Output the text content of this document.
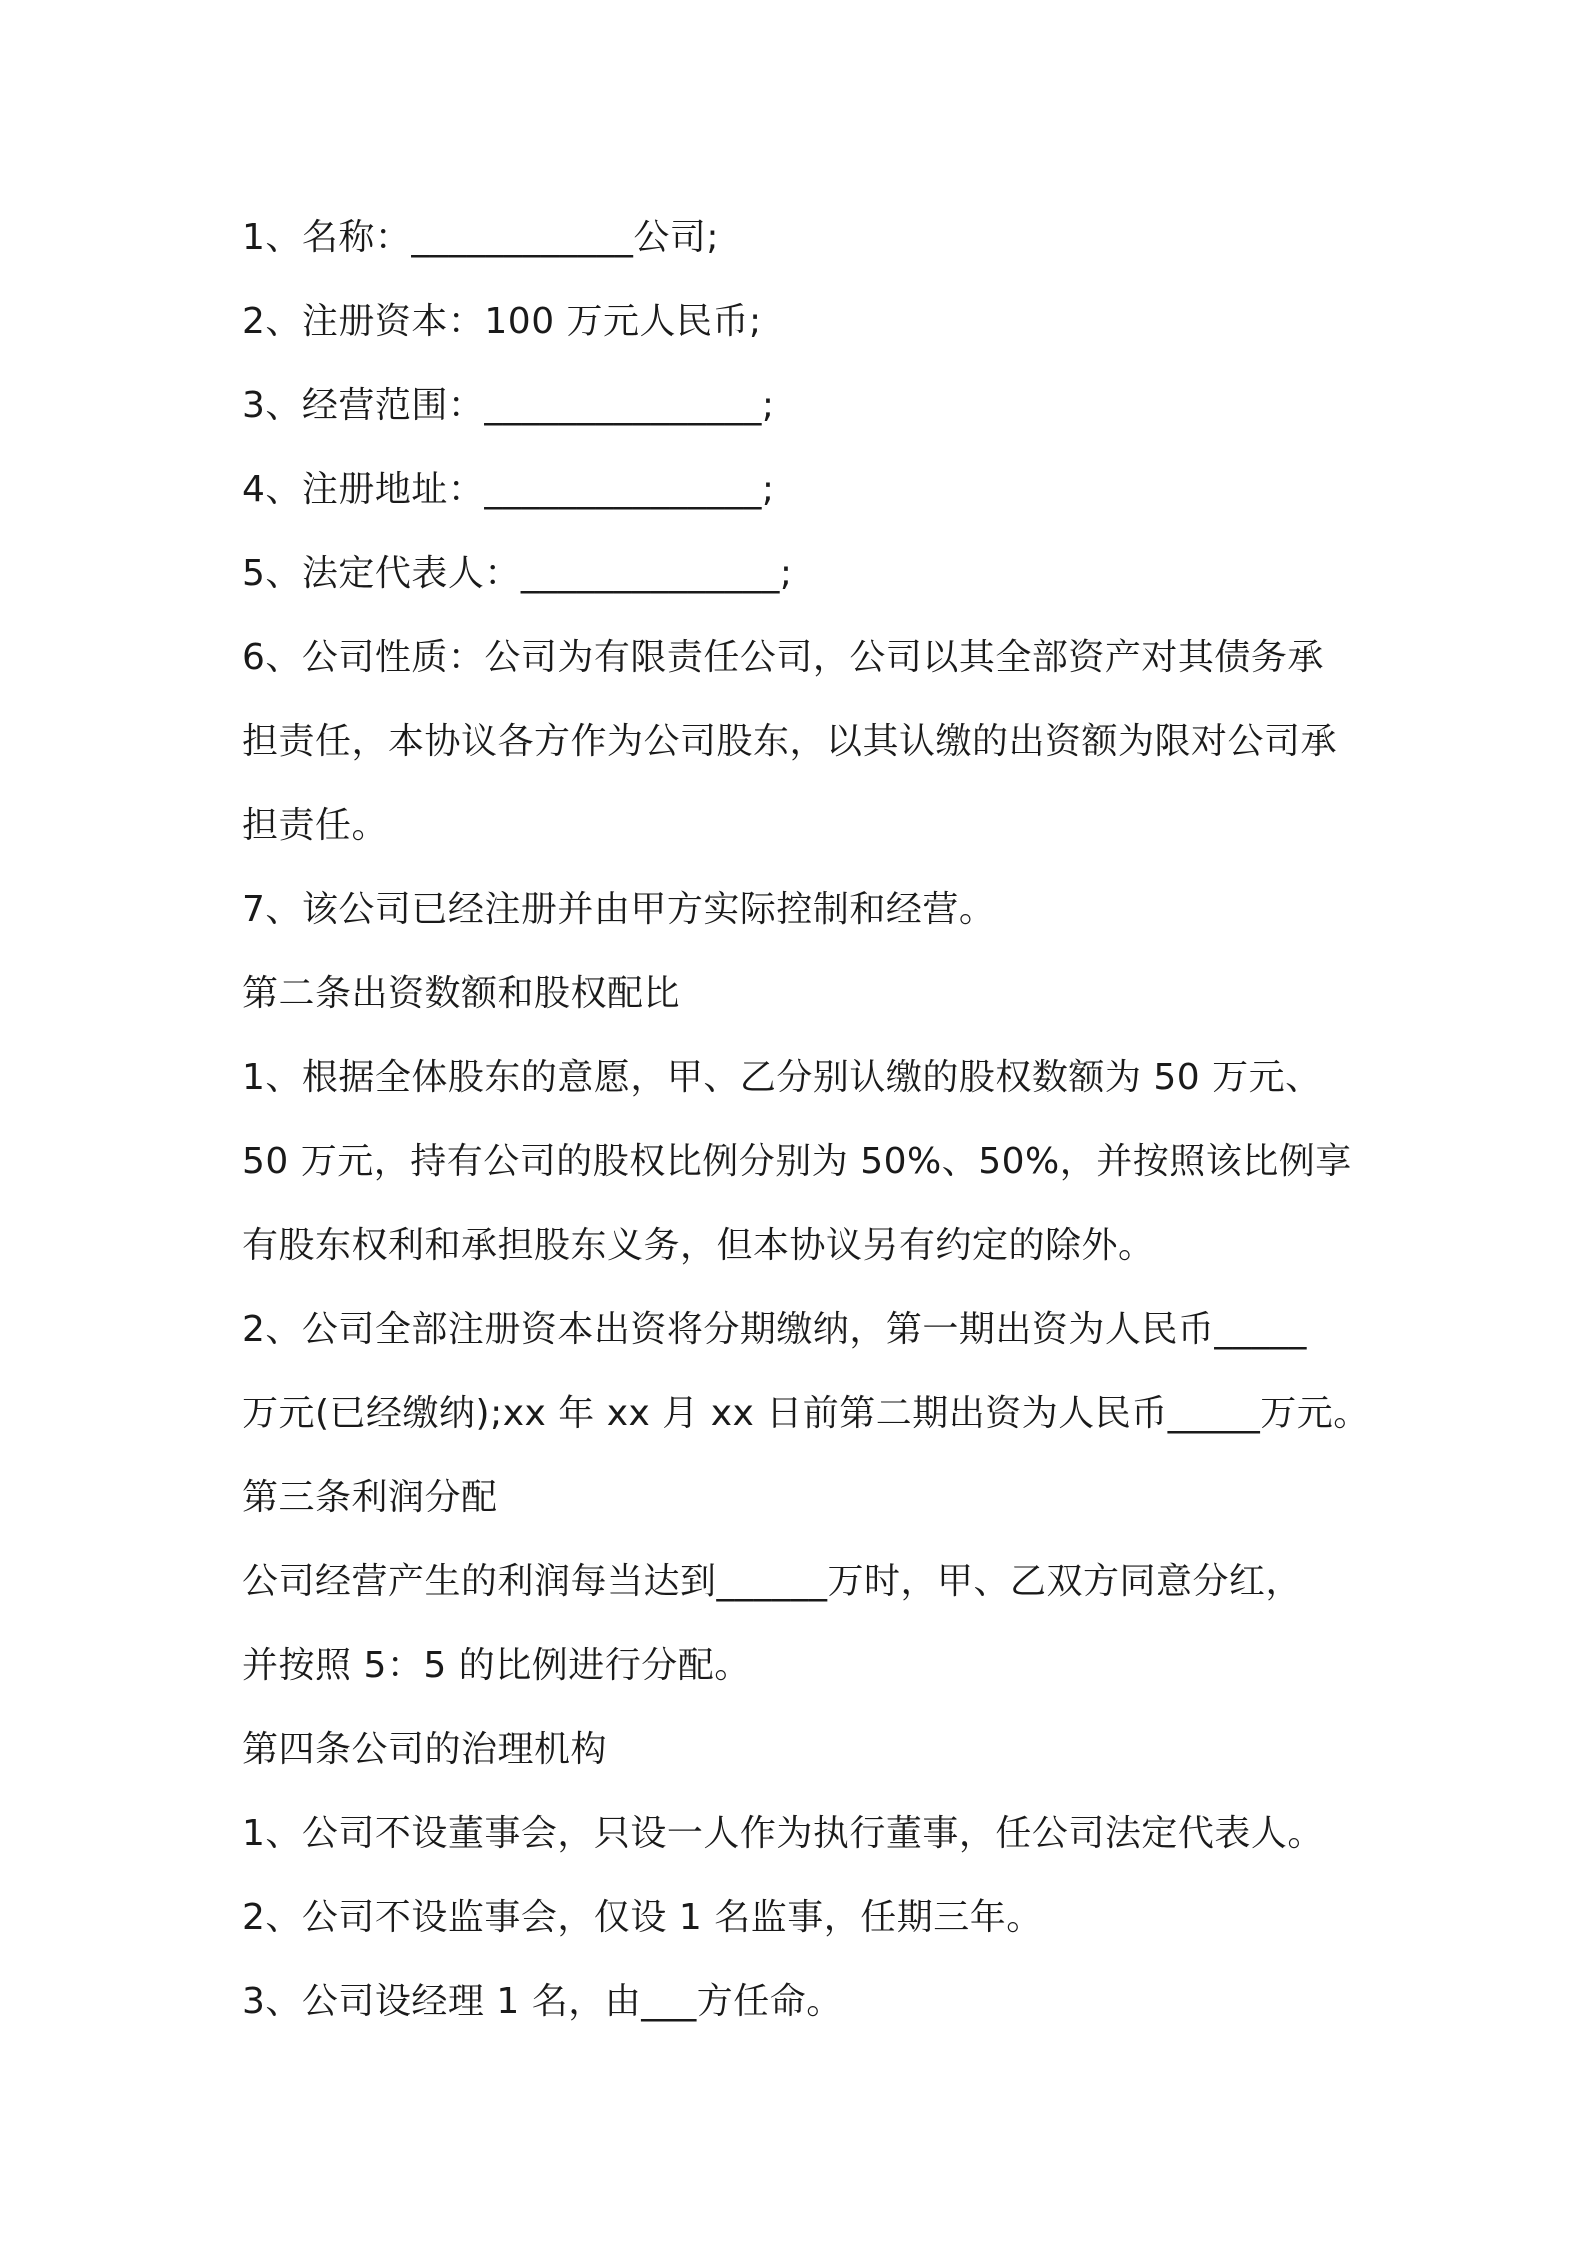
1、名称：____________公司;
2、注册资本：100 万元人民币;
3、经营范围：_______________;
4、注册地址：_______________;
5、法定代表人：______________;
6、公司性质：公司为有限责任公司，公司以其全部资产对其债务承
担责任，本协议各方作为公司股东，以其认缴的出资额为限对公司承
担责任。
7、该公司已经注册并由甲方实际控制和经营。
第二条出资数额和股权配比
1、根据全体股东的意愿，甲、乙分别认缴的股权数额为 50 万元、
50 万元，持有公司的股权比例分别为 50%、50%，并按照该比例享
有股东权利和承担股东义务，但本协议另有约定的除外。
2、公司全部注册资本出资将分期缴纳，第一期出资为人民币_____
万元(已经缴纳);xx 年 xx 月 xx 日前第二期出资为人民币_____万元。
第三条利润分配
公司经营产生的利润每当达到______万时，甲、乙双方同意分红，
并按照 5：5 的比例进行分配。
第四条公司的治理机构
1、公司不设董事会，只设一人作为执行董事，任公司法定代表人。
2、公司不设监事会，仅设 1 名监事，任期三年。
3、公司设经理 1 名，由___方任命。
